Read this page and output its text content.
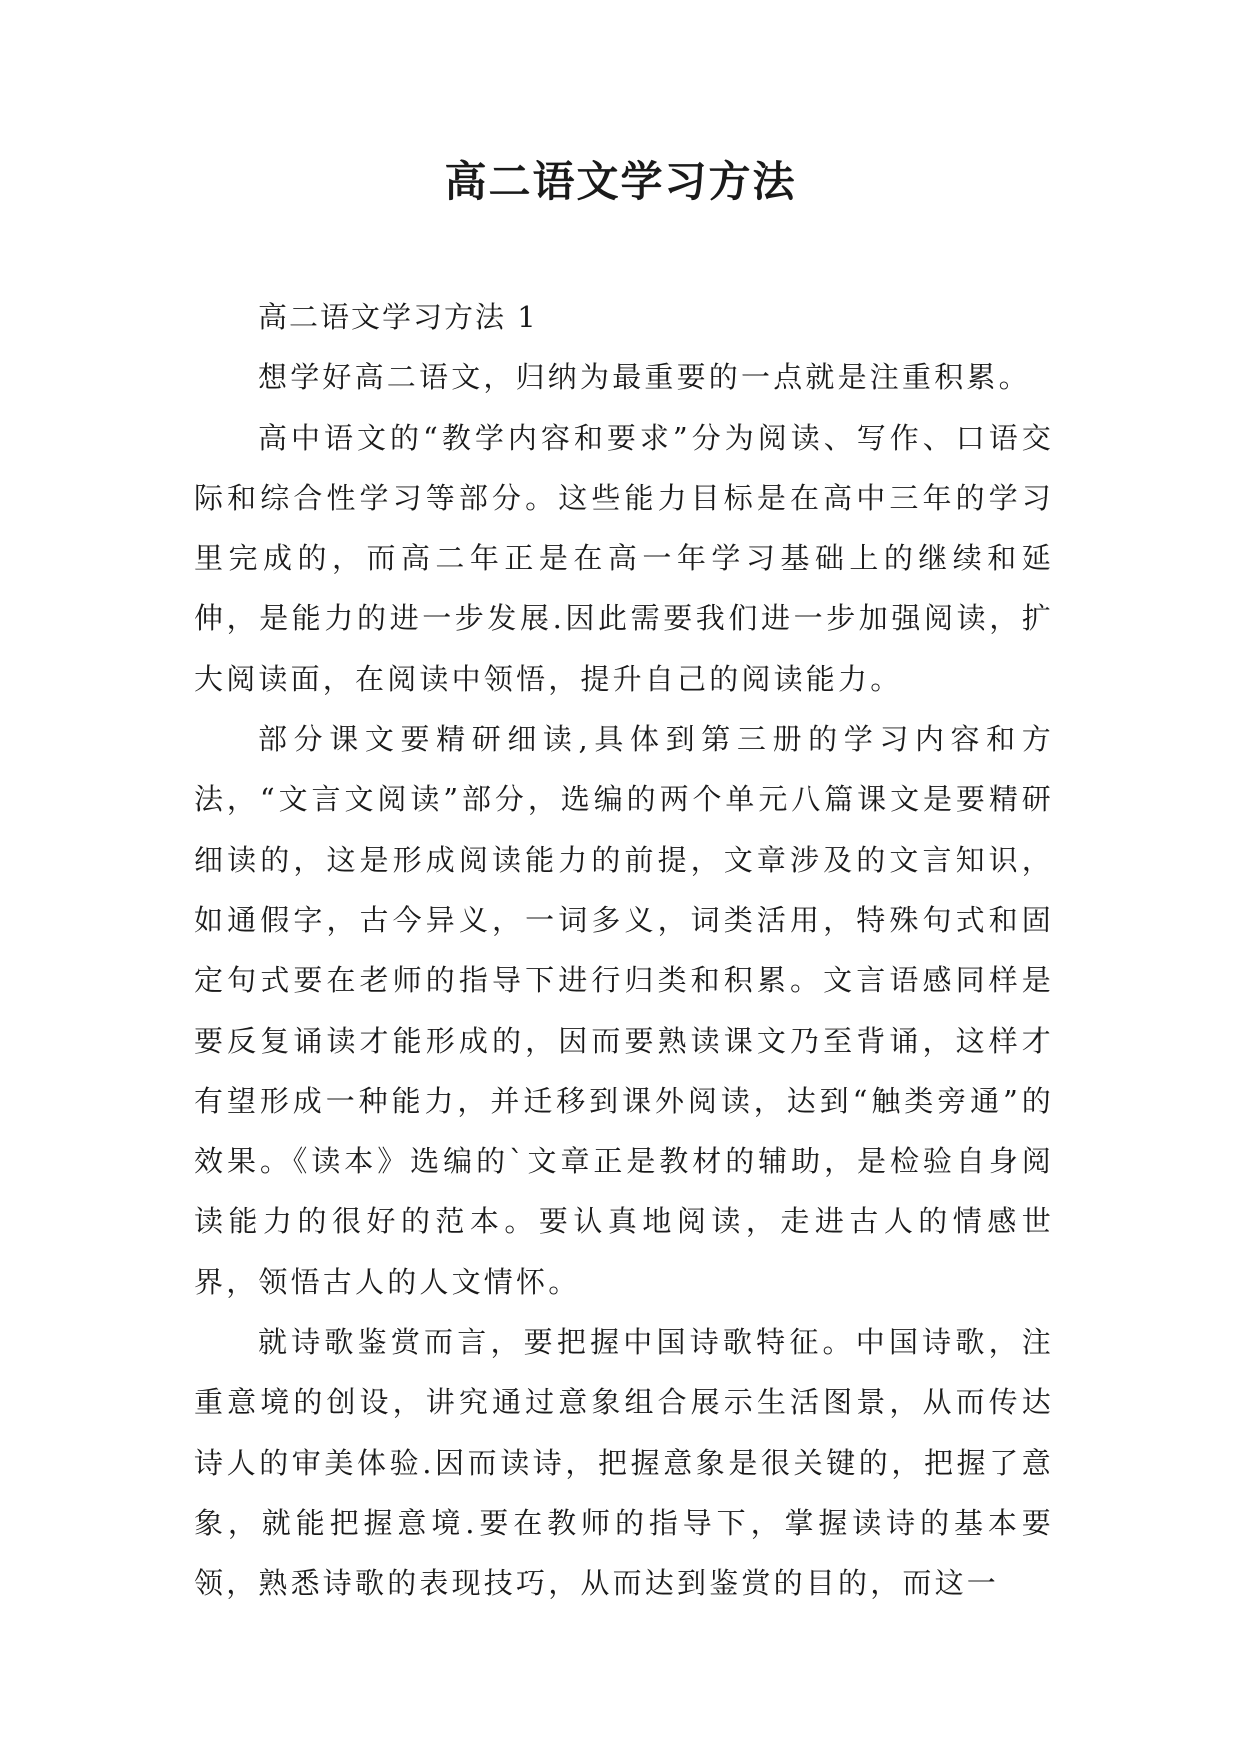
高二语文学习方法

高二语文学习方法 1

想学好高二语文，归纳为最重要的一点就是注重积累。

高中语文的“教学内容和要求”分为阅读、写作、口语交际和综合性学习等部分。这些能力目标是在高中三年的学习里完成的，而高二年正是在高一年学习基础上的继续和延伸，是能力的进一步发展.因此需要我们进一步加强阅读，扩大阅读面，在阅读中领悟，提升自己的阅读能力。

部分课文要精研细读,具体到第三册的学习内容和方法，“文言文阅读”部分，选编的两个单元八篇课文是要精研细读的，这是形成阅读能力的前提，文章涉及的文言知识，如通假字，古今异义，一词多义，词类活用，特殊句式和固定句式要在老师的指导下进行归类和积累。文言语感同样是要反复诵读才能形成的，因而要熟读课文乃至背诵，这样才有望形成一种能力，并迁移到课外阅读，达到“触类旁通”的效果。《读本》选编的`文章正是教材的辅助，是检验自身阅读能力的很好的范本。要认真地阅读，走进古人的情感世界，领悟古人的人文情怀。

就诗歌鉴赏而言，要把握中国诗歌特征。中国诗歌，注重意境的创设，讲究通过意象组合展示生活图景，从而传达诗人的审美体验.因而读诗，把握意象是很关键的，把握了意象，就能把握意境.要在教师的指导下，掌握读诗的基本要领，熟悉诗歌的表现技巧，从而达到鉴赏的目的，而这一
